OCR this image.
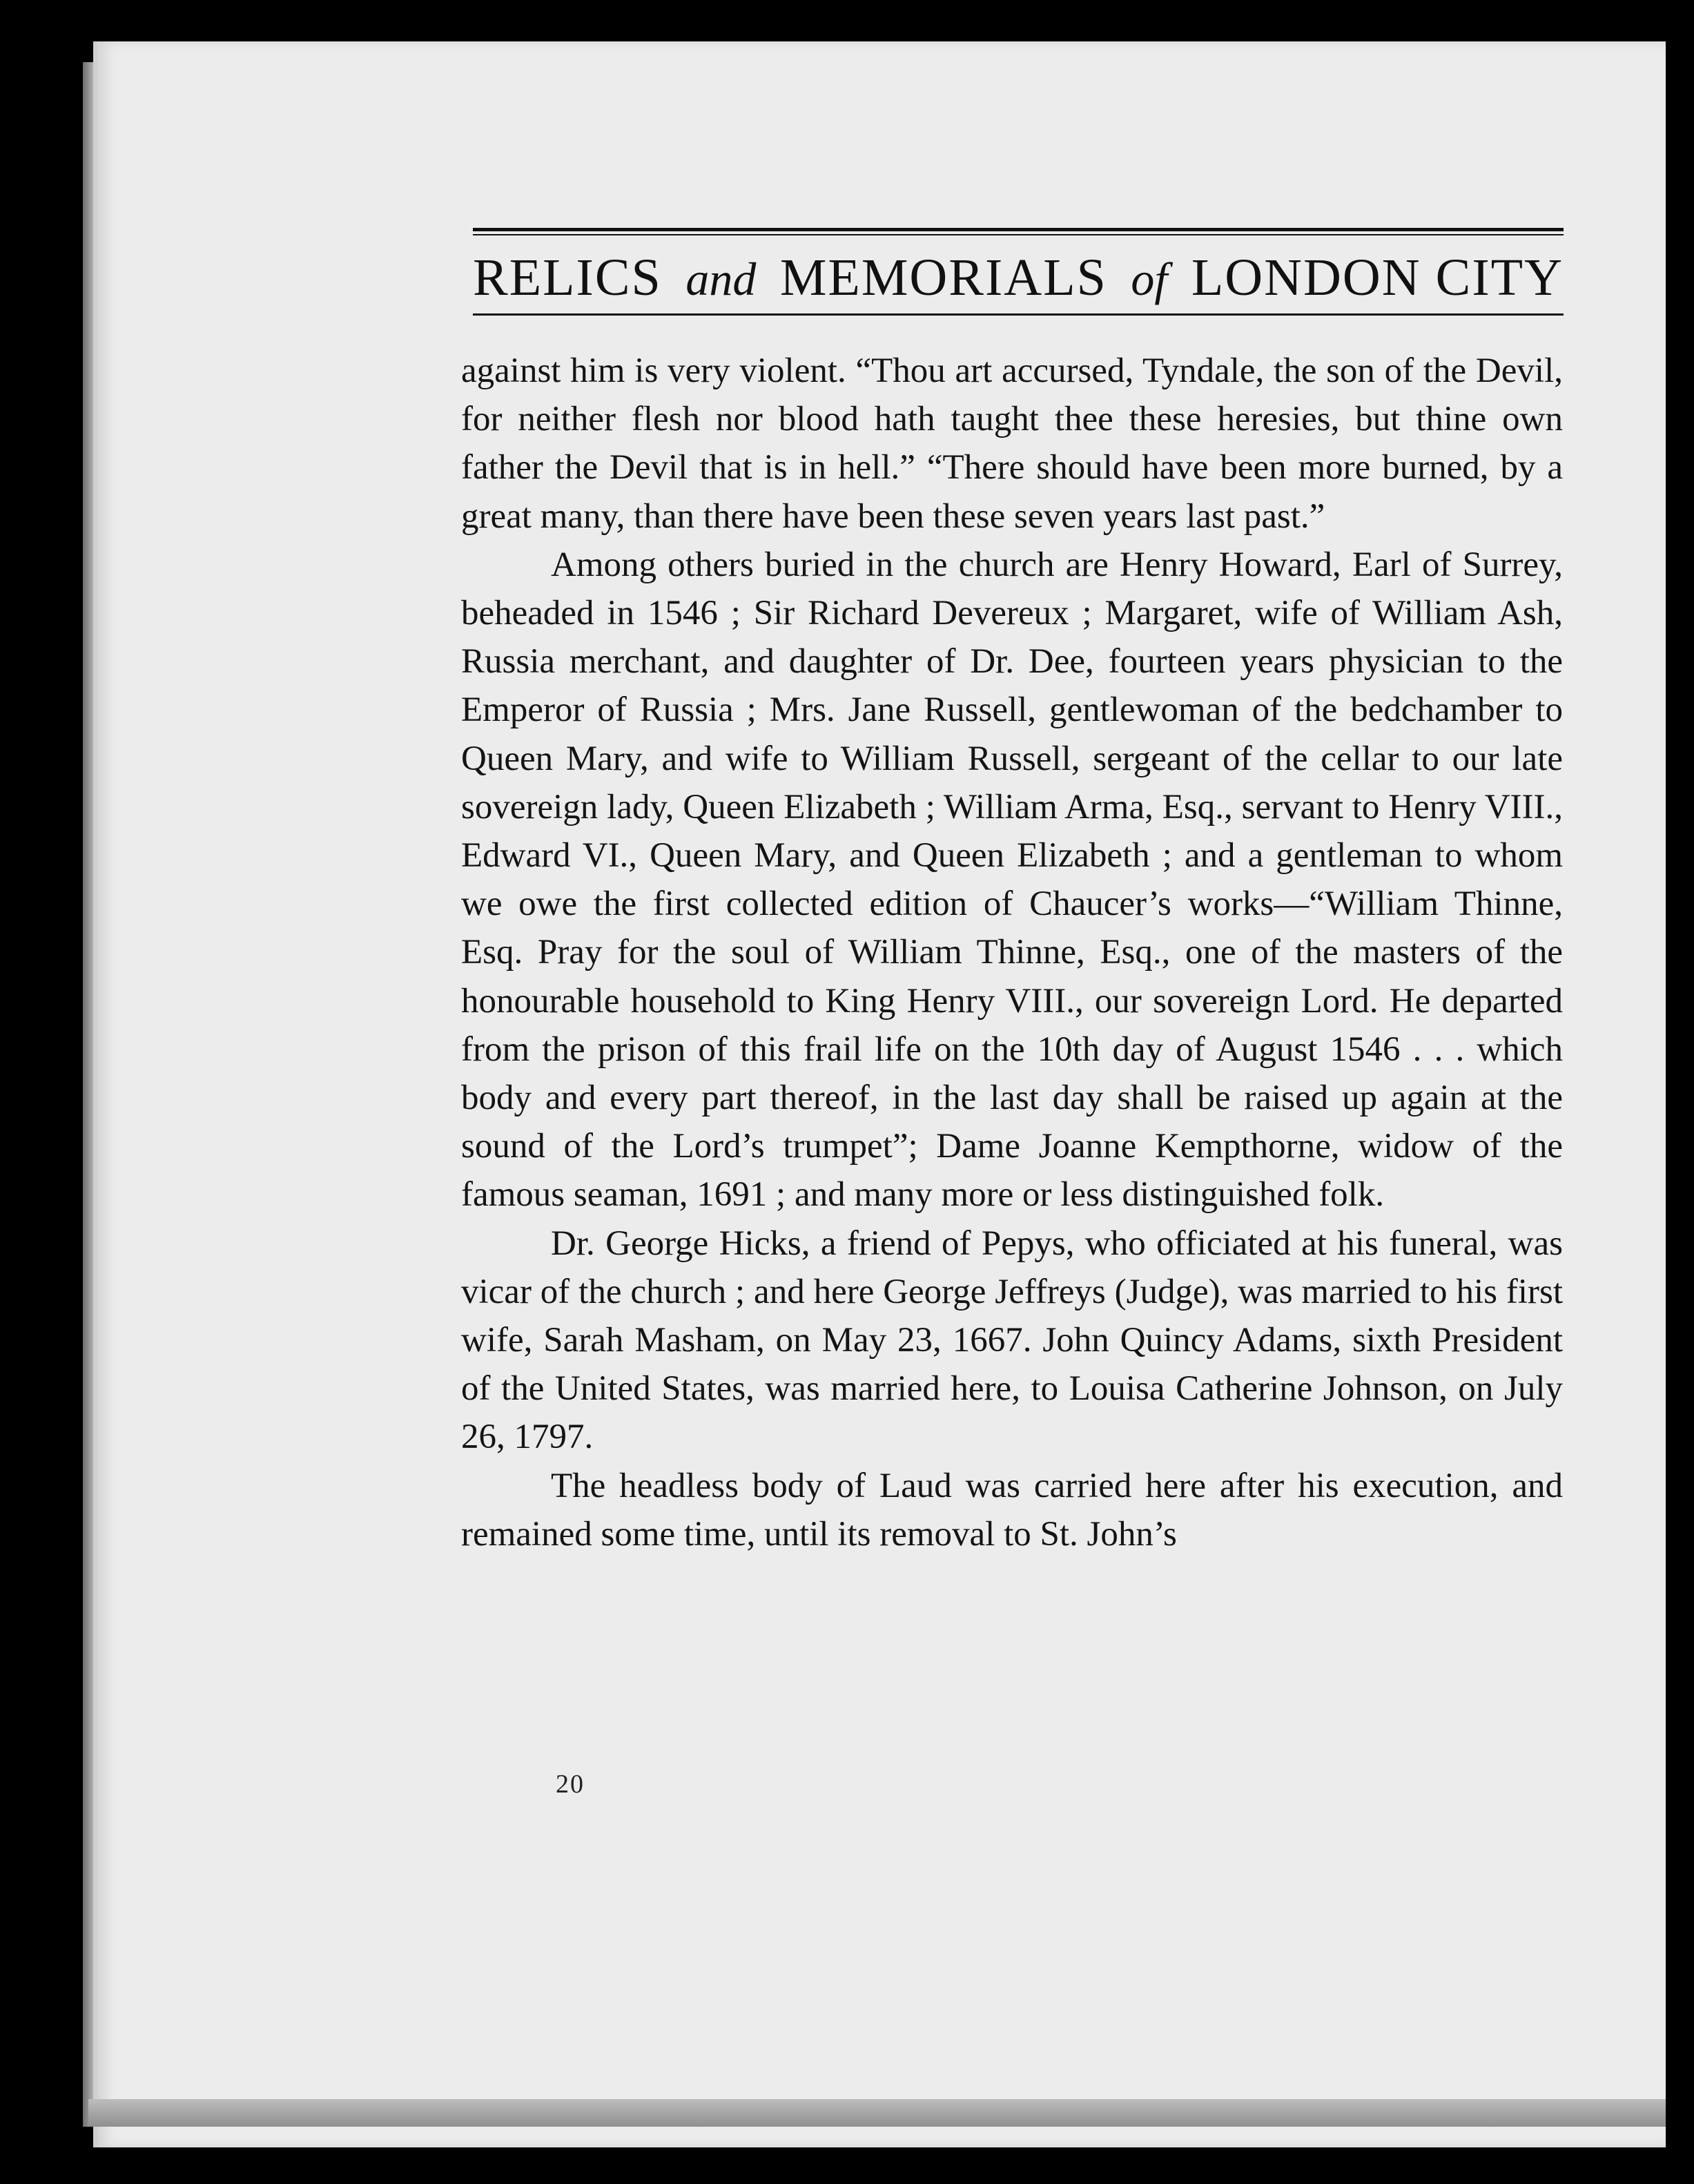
RELICS and MEMORIALS of LONDON CITY

against him is very violent. “Thou art accursed, Tyndale, the son of the Devil, for neither flesh nor blood hath taught thee these heresies, but thine own father the Devil that is in hell.” “There should have been more burned, by a great many, than there have been these seven years last past.”

Among others buried in the church are Henry Howard, Earl of Surrey, beheaded in 1546 ; Sir Richard Devereux ; Margaret, wife of William Ash, Russia merchant, and daughter of Dr. Dee, fourteen years physician to the Emperor of Russia ; Mrs. Jane Russell, gentlewoman of the bedchamber to Queen Mary, and wife to William Russell, sergeant of the cellar to our late sovereign lady, Queen Elizabeth ; William Arma, Esq., servant to Henry VIII., Edward VI., Queen Mary, and Queen Elizabeth ; and a gentleman to whom we owe the first collected edition of Chaucer’s works—“William Thinne, Esq. Pray for the soul of William Thinne, Esq., one of the masters of the honourable household to King Henry VIII., our sovereign Lord. He departed from the prison of this frail life on the 10th day of August 1546 . . . which body and every part thereof, in the last day shall be raised up again at the sound of the Lord’s trumpet”; Dame Joanne Kempthorne, widow of the famous seaman, 1691 ; and many more or less distinguished folk.

Dr. George Hicks, a friend of Pepys, who officiated at his funeral, was vicar of the church ; and here George Jeffreys (Judge), was married to his first wife, Sarah Masham, on May 23, 1667. John Quincy Adams, sixth President of the United States, was married here, to Louisa Catherine Johnson, on July 26, 1797.

The headless body of Laud was carried here after his execution, and remained some time, until its removal to St. John’s

20
